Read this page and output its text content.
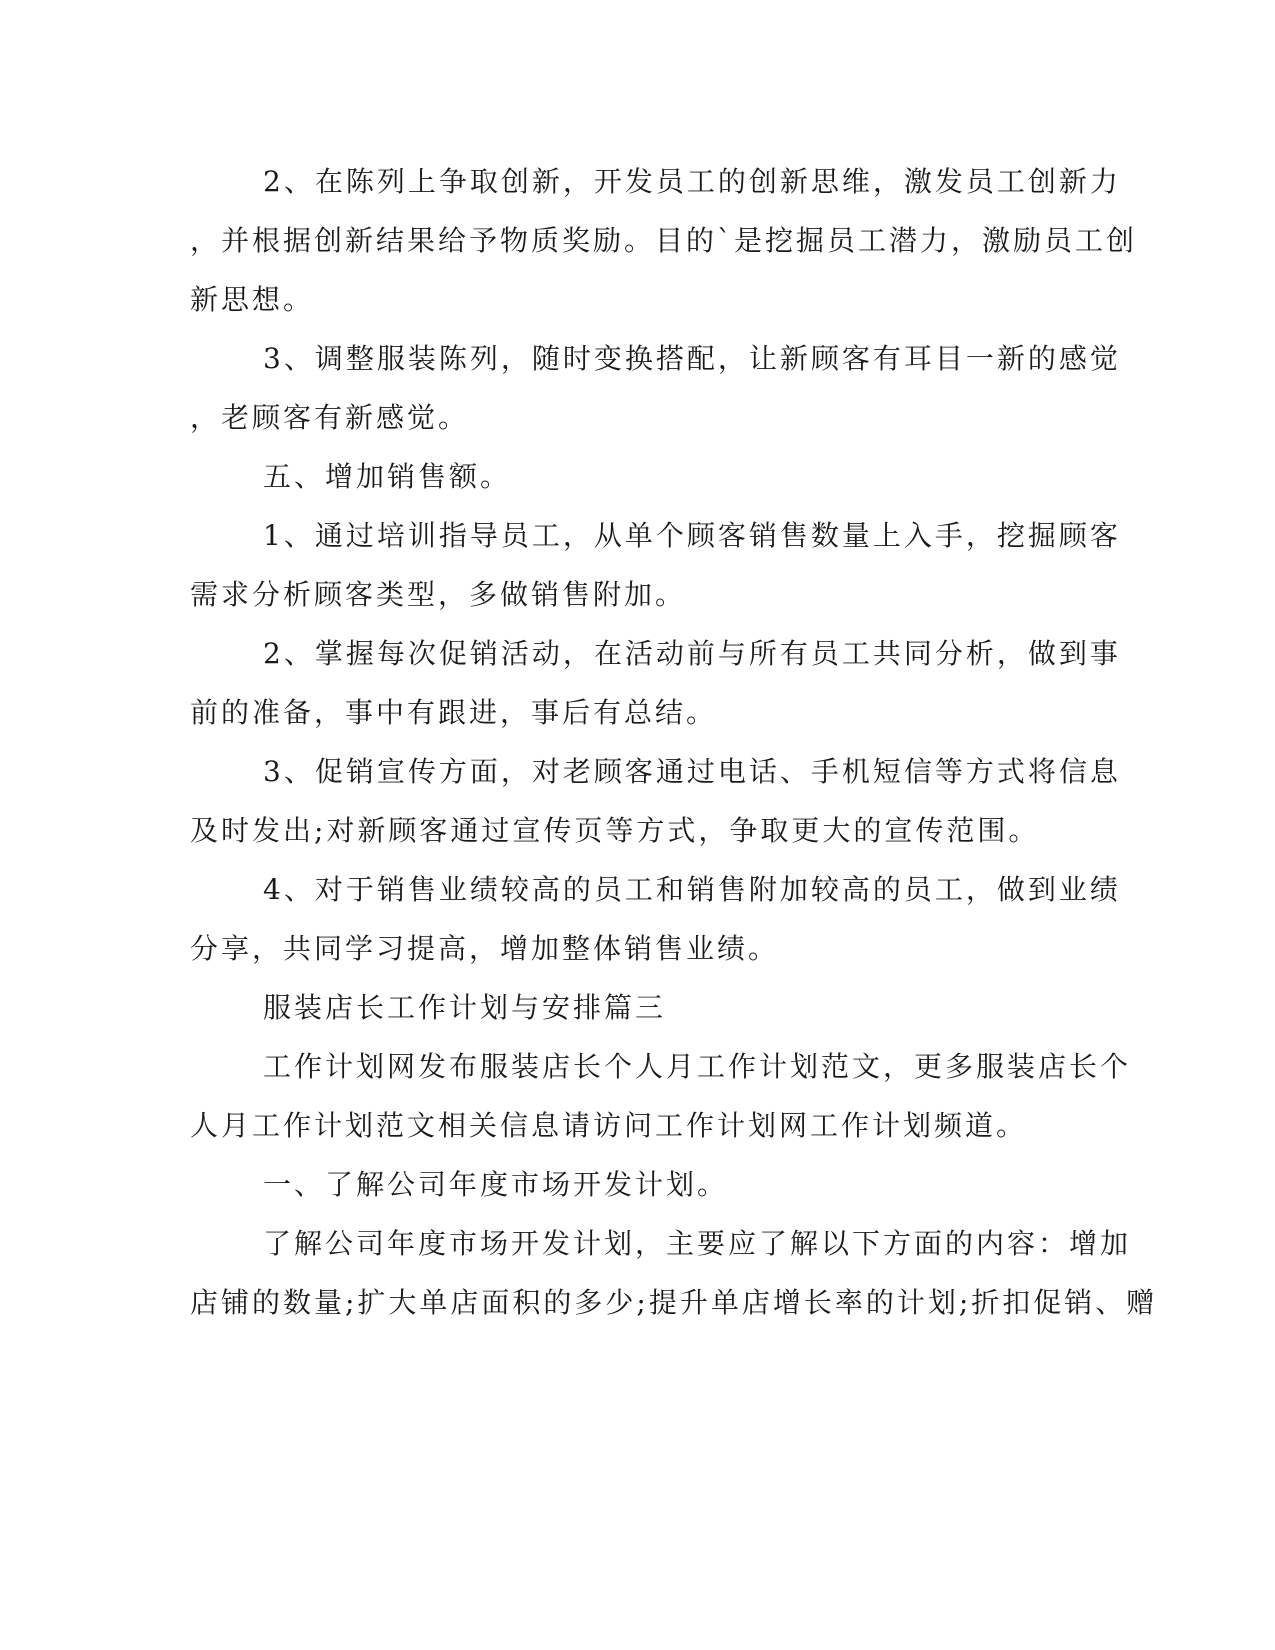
2、在陈列上争取创新，开发员工的创新思维，激发员工创新力
，并根据创新结果给予物质奖励。目的`是挖掘员工潜力，激励员工创
新思想。
3、调整服装陈列，随时变换搭配，让新顾客有耳目一新的感觉
，老顾客有新感觉。
五、增加销售额。
1、通过培训指导员工，从单个顾客销售数量上入手，挖掘顾客
需求分析顾客类型，多做销售附加。
2、掌握每次促销活动，在活动前与所有员工共同分析，做到事
前的准备，事中有跟进，事后有总结。
3、促销宣传方面，对老顾客通过电话、手机短信等方式将信息
及时发出;对新顾客通过宣传页等方式，争取更大的宣传范围。
4、对于销售业绩较高的员工和销售附加较高的员工，做到业绩
分享，共同学习提高，增加整体销售业绩。
服装店长工作计划与安排篇三
工作计划网发布服装店长个人月工作计划范文，更多服装店长个
人月工作计划范文相关信息请访问工作计划网工作计划频道。
一、了解公司年度市场开发计划。
了解公司年度市场开发计划，主要应了解以下方面的内容：增加
店铺的数量;扩大单店面积的多少;提升单店增长率的计划;折扣促销、赠
